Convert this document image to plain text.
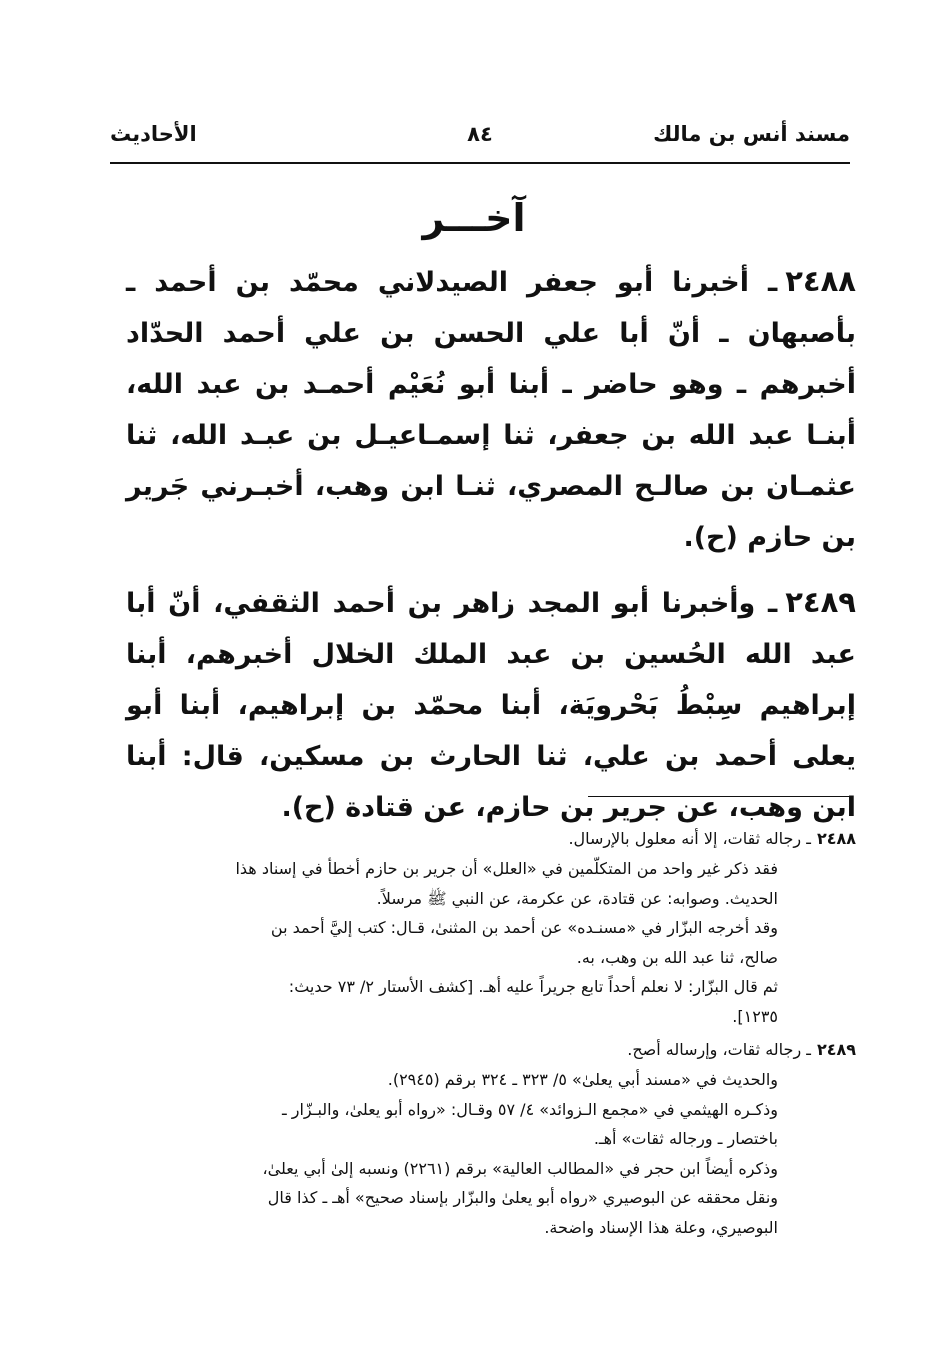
مسند أنس بن مالك
٨٤
الأحاديث
آخـــر

٢٤٨٨ـ أخبرنا أبو جعفر الصيدلاني محمّد بن أحمد ـ بأصبهان ـ أنّ أبا علي الحسن بن علي أحمد الحدّاد أخبرهم ـ وهو حاضر ـ أبنا أبو نُعَيْم أحمـد بن عبد الله، أبنـا عبد الله بن جعفر، ثنا إسمـاعيـل بن عبـد الله، ثنا عثمـان بن صالـح المصري، ثنـا ابن وهب، أخبـرني جَرير بن حازم (ح).

٢٤٨٩ـ وأخبرنا أبو المجد زاهر بن أحمد الثقفي، أنّ أبا عبد الله الحُسين بن عبد الملك الخلال أخبرهم، أبنا إبراهيم سِبْطُ بَحْرويَة، أبنا محمّد بن إبراهيم، أبنا أبو يعلى أحمد بن علي، ثنا الحارث بن مسكين، قال: أبنا ابن وهب، عن جرير بن حازم، عن قتادة (ح).

٢٤٨٨ـ رجاله ثقات، إلا أنه معلول بالإرسال.
فقد ذكر غير واحد من المتكلّمين في «العلل» أن جرير بن حازم أخطأ في إسناد هذا
الحديث. وصوابه: عن قتادة، عن عكرمة، عن النبي ﷺ مرسلاً.
وقد أخرجه البزّار في «مسنـده» عن أحمد بن المثنىٰ، قـال: كتب إليَّ أحمد بن
صالح، ثنا عبد الله بن وهب، به.
ثم قال البزّار: لا نعلم أحداً تابع جريراً عليه أهـ. [كشف الأستار ٢/ ٧٣ حديث:
١٢٣٥].
٢٤٨٩ـ رجاله ثقات، وإرساله أصح.
والحديث في «مسند أبي يعلىٰ» ٥/ ٣٢٣ ـ ٣٢٤ برقم (٢٩٤٥).
وذكـره الهيثمي في «مجمع الـزوائد» ٤/ ٥٧ وقـال: «رواه أبو يعلىٰ، والبـزّار ـ
باختصار ـ ورجاله ثقات» أهـ.
وذكره أيضاً ابن حجر في «المطالب العالية» برقم (٢٢٦١) ونسبه إلىٰ أبي يعلىٰ،
ونقل محققه عن البوصيري «رواه أبو يعلىٰ والبزّار بإسناد صحيح» أهـ ـ كذا قال
البوصيري، وعلة هذا الإسناد واضحة.
